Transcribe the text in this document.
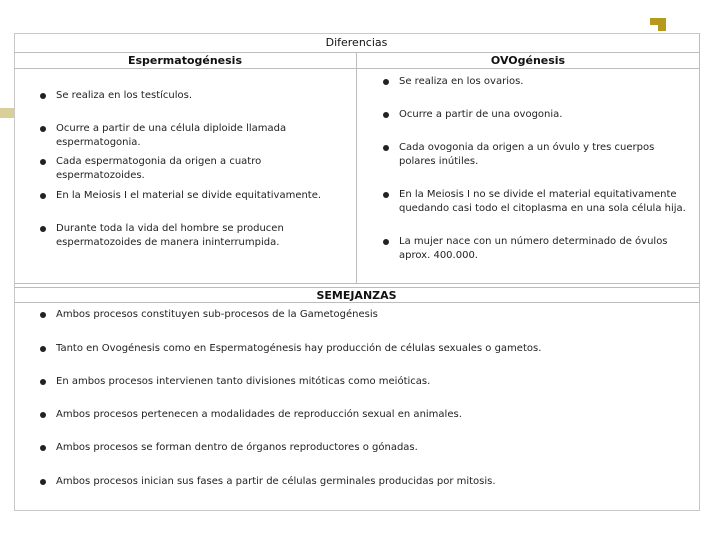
Diferencias
Espermatogénesis	OVOgénesis
Se realiza en los testículos.
Ocurre a partir de una célula diploide llamada espermatogonia.
Cada espermatogonia da origen a cuatro espermatozoides.
En la Meiosis I el material se divide equitativamente.
Durante toda la vida del hombre se producen espermatozoides de manera ininterrumpida.
Se realiza en los ovarios.
Ocurre a partir de una ovogonia.
Cada ovogonia da origen a un óvulo y tres cuerpos polares inútiles.
En la Meiosis I no se divide el material equitativamente quedando casi todo el citoplasma en una sola célula hija.
La mujer nace con un número determinado de óvulos aprox. 400.000.
SEMEJANZAS
Ambos procesos constituyen sub-procesos de la Gametogénesis
Tanto en Ovogénesis como en Espermatogénesis hay producción de células sexuales o gametos.
En ambos procesos intervienen tanto divisiones mitóticas como meióticas.
Ambos procesos pertenecen a modalidades de reproducción sexual en animales.
Ambos procesos se forman dentro de órganos reproductores o gónadas.
Ambos procesos inician sus fases a partir de células germinales producidas por mitosis.
